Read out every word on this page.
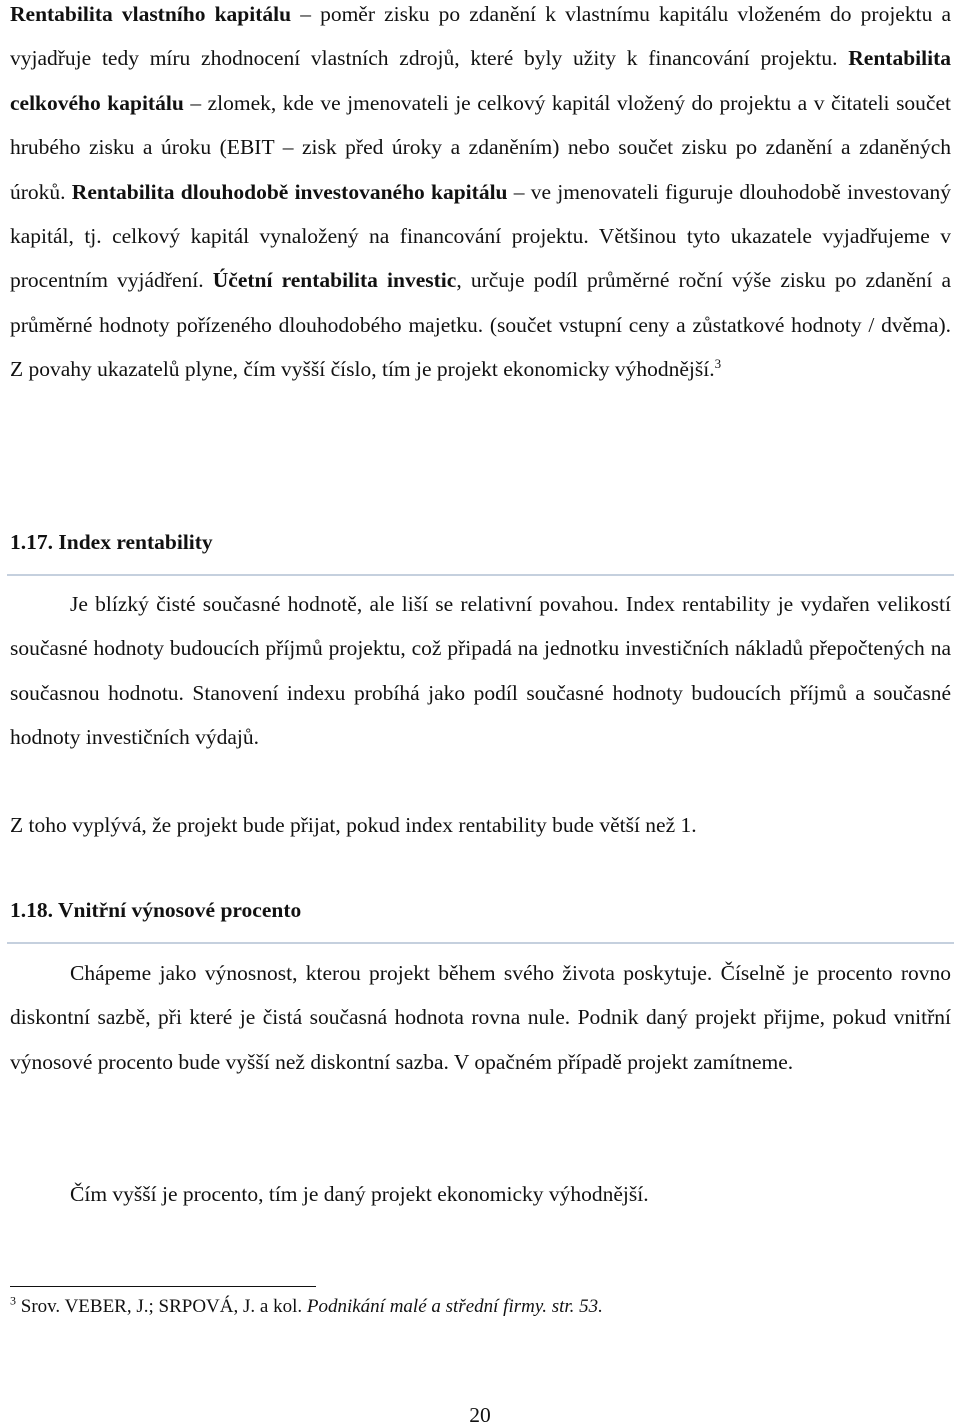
Rentabilita vlastního kapitálu – poměr zisku po zdanění k vlastnímu kapitálu vloženém do projektu a vyjadřuje tedy míru zhodnocení vlastních zdrojů, které byly užity k financování projektu. Rentabilita celkového kapitálu – zlomek, kde ve jmenovateli je celkový kapitál vložený do projektu a v čitateli součet hrubého zisku a úroku (EBIT – zisk před úroky a zdaněním) nebo součet zisku po zdanění a zdaněných úroků. Rentabilita dlouhodobě investovaného kapitálu – ve jmenovateli figuruje dlouhodobě investovaný kapitál, tj. celkový kapitál vynaložený na financování projektu. Většinou tyto ukazatele vyjadřujeme v procentním vyjádření. Účetní rentabilita investic, určuje podíl průměrné roční výše zisku po zdanění a průměrné hodnoty pořízeného dlouhodobého majetku. (součet vstupní ceny a zůstatkové hodnoty / dvěma). Z povahy ukazatelů plyne, čím vyšší číslo, tím je projekt ekonomicky výhodnější.$^3$

1.17. Index rentability

Je blízký čisté současné hodnotě, ale liší se relativní povahou. Index rentability je vydařen velikostí současné hodnoty budoucích příjmů projektu, což připadá na jednotku investičních nákladů přepočtených na současnou hodnotu. Stanovení indexu probíhá jako podíl současné hodnoty budoucích příjmů a současné hodnoty investičních výdajů.

Z toho vyplývá, že projekt bude přijat, pokud index rentability bude větší než 1.

1.18. Vnitřní výnosové procento

Chápeme jako výnosnost, kterou projekt během svého života poskytuje. Číselně je procento rovno diskontní sazbě, při které je čistá současná hodnota rovna nule. Podnik daný projekt přijme, pokud vnitřní výnosové procento bude vyšší než diskontní sazba. V opačném případě projekt zamítneme.

Čím vyšší je procento, tím je daný projekt ekonomicky výhodnější.

$^3$ Srov. VEBER, J.; SRPOVÁ, J. a kol. Podnikání malé a střední firmy. str. 53.

20
